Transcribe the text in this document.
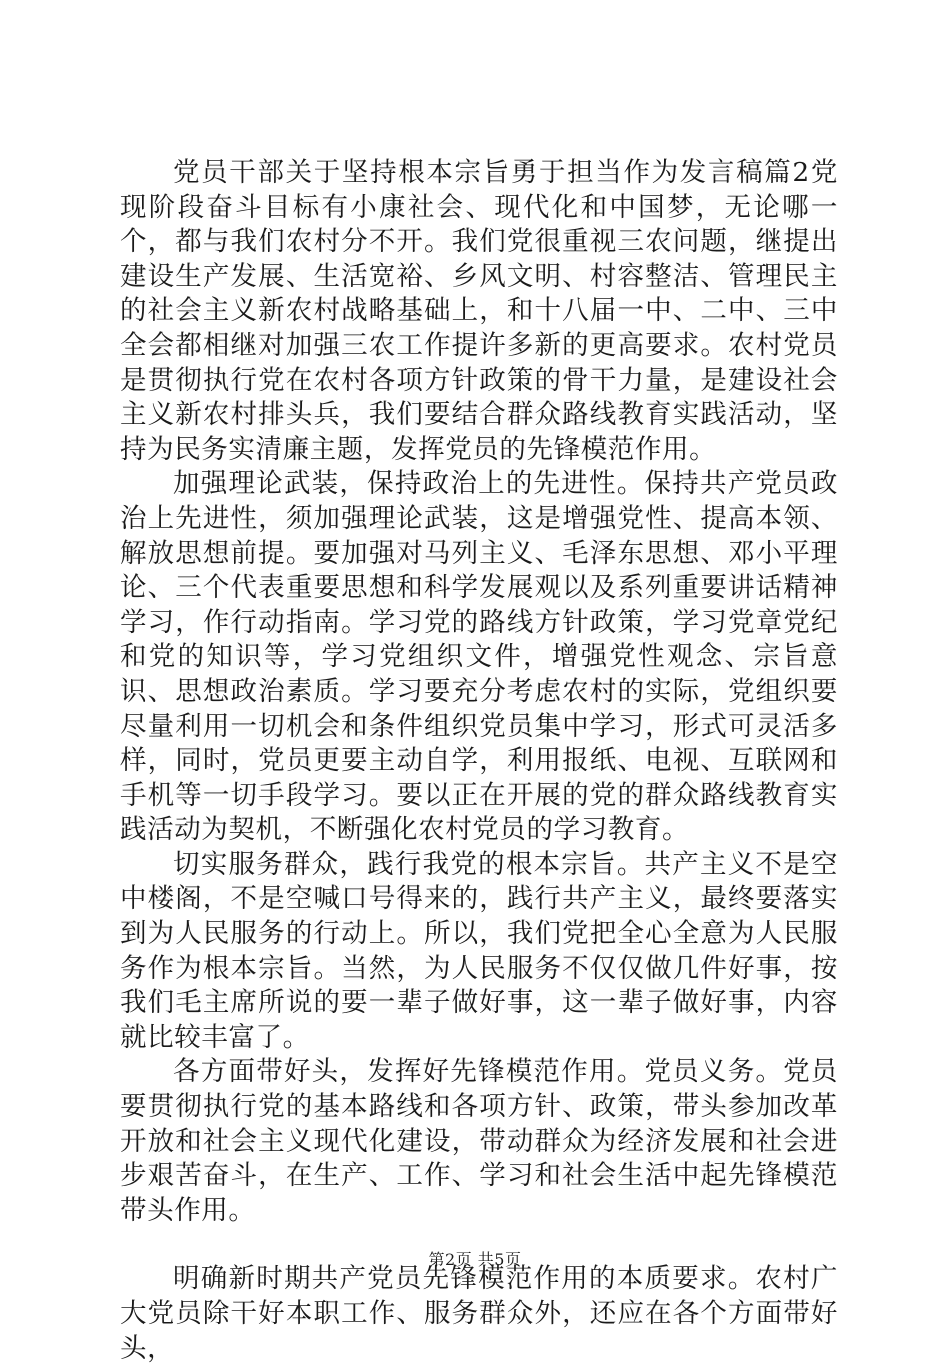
党员干部关于坚持根本宗旨勇于担当作为发言稿篇2党现阶段奋斗目标有小康社会、现代化和中国梦，无论哪一个，都与我们农村分不开。我们党很重视三农问题，继提出建设生产发展、生活宽裕、乡风文明、村容整洁、管理民主的社会主义新农村战略基础上，和十八届一中、二中、三中全会都相继对加强三农工作提许多新的更高要求。农村党员是贯彻执行党在农村各项方针政策的骨干力量，是建设社会主义新农村排头兵，我们要结合群众路线教育实践活动，坚持为民务实清廉主题，发挥党员的先锋模范作用。

加强理论武装，保持政治上的先进性。保持共产党员政治上先进性，须加强理论武装，这是增强党性、提高本领、解放思想前提。要加强对马列主义、毛泽东思想、邓小平理论、三个代表重要思想和科学发展观以及系列重要讲话精神学习，作行动指南。学习党的路线方针政策，学习党章党纪和党的知识等，学习党组织文件，增强党性观念、宗旨意识、思想政治素质。学习要充分考虑农村的实际，党组织要尽量利用一切机会和条件组织党员集中学习，形式可灵活多样，同时，党员更要主动自学，利用报纸、电视、互联网和手机等一切手段学习。要以正在开展的党的群众路线教育实践活动为契机，不断强化农村党员的学习教育。

切实服务群众，践行我党的根本宗旨。共产主义不是空中楼阁，不是空喊口号得来的，践行共产主义，最终要落实到为人民服务的行动上。所以，我们党把全心全意为人民服务作为根本宗旨。当然，为人民服务不仅仅做几件好事，按我们毛主席所说的要一辈子做好事，这一辈子做好事，内容就比较丰富了。

各方面带好头，发挥好先锋模范作用。党员义务。党员要贯彻执行党的基本路线和各项方针、政策，带头参加改革开放和社会主义现代化建设，带动群众为经济发展和社会进步艰苦奋斗，在生产、工作、学习和社会生活中起先锋模范带头作用。

明确新时期共产党员先锋模范作用的本质要求。农村广大党员除干好本职工作、服务群众外，还应在各个方面带好头，

第2页 共5页
